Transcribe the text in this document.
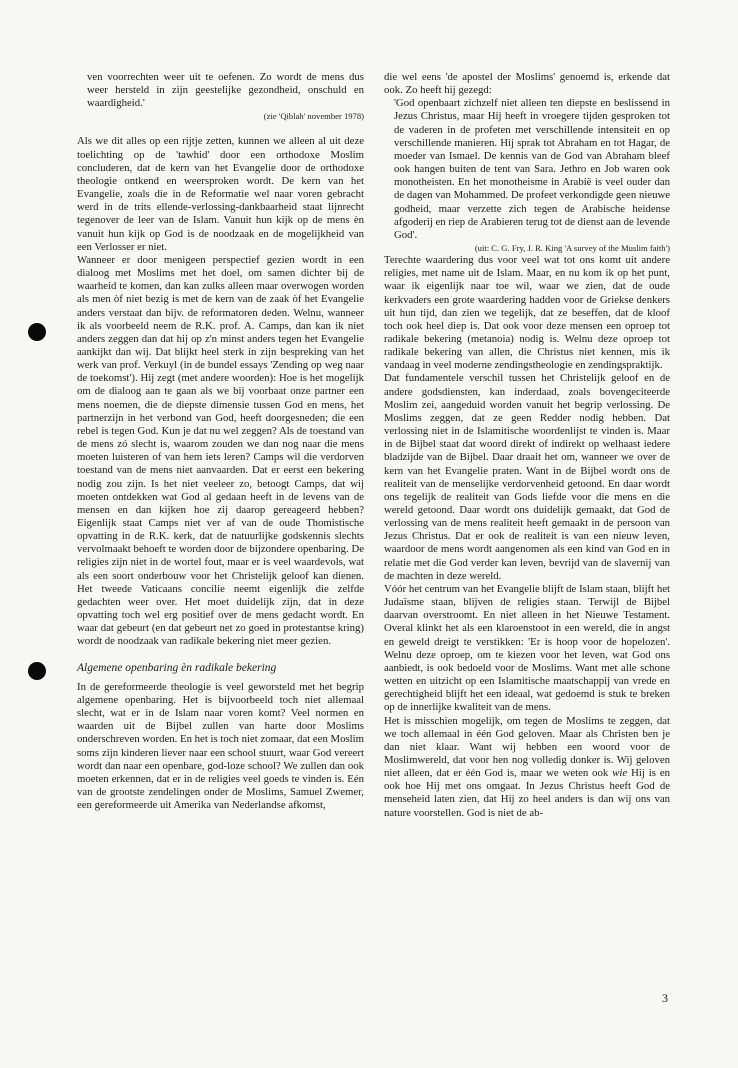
ven voorrechten weer uit te oefenen. Zo wordt de mens dus weer hersteld in zijn geestelijke gezondheid, onschuld en waardigheid.'

(zie 'Qiblah' november 1978)

Als we dit alles op een rijtje zetten, kunnen we alleen al uit deze toelichting op de 'tawhid' door een orthodoxe Moslim concluderen, dat de kern van het Evangelie door de orthodoxe theologie ontkend en weersproken wordt. De kern van het Evangelie, zoals die in de Reformatie wel naar voren gebracht werd in de trits ellende-verlossing-dankbaarheid staat lijnrecht tegenover de leer van de Islam. Vanuit hun kijk op de mens èn vanuit hun kijk op God is de noodzaak en de mogelijkheid van een Verlosser er niet.

Wanneer er door menigeen perspectief gezien wordt in een dialoog met Moslims met het doel, om samen dichter bij de waarheid te komen, dan kan zulks alleen maar overwogen worden als men òf niet bezig is met de kern van de zaak òf het Evangelie anders verstaat dan bijv. de reformatoren deden. Welnu, wanneer ik als voorbeeld neem de R.K. prof. A. Camps, dan kan ik niet anders zeggen dan dat hij op z'n minst anders tegen het Evangelie aankijkt dan wij. Dat blijkt heel sterk in zijn bespreking van het werk van prof. Verkuyl (in de bundel essays 'Zending op weg naar de toekomst'). Hij zegt (met andere woorden): Hoe is het mogelijk om de dialoog aan te gaan als we bij voorbaat onze partner een mens noemen, die de diepste dimensie tussen God en mens, het partnerzijn in het verbond van God, heeft doorgesneden; die een rebel is tegen God. Kun je dat nu wel zeggen? Als de toestand van de mens zó slecht is, waarom zouden we dan nog naar die mens moeten luisteren of van hem iets leren? Camps wil die verdorven toestand van de mens niet aanvaarden. Dat er eerst een bekering nodig zou zijn. Is het niet veeleer zo, betoogt Camps, dat wij moeten ontdekken wat God al gedaan heeft in de levens van de mensen en dan kijken hoe zij daarop gereageerd hebben? Eigenlijk staat Camps niet ver af van de oude Thomistische opvatting in de R.K. kerk, dat de natuurlijke godskennis slechts vervolmaakt behoeft te worden door de bijzondere openbaring. De religies zijn niet in de wortel fout, maar er is veel waardevols, wat als een soort onderbouw voor het Christelijk geloof kan dienen. Het tweede Vaticaans concilie neemt eigenlijk die zelfde gedachten weer over. Het moet duidelijk zijn, dat in deze opvatting toch wel erg positief over de mens gedacht wordt. En waar dat gebeurt (en dat gebeurt net zo goed in protestantse kring) wordt de noodzaak van radikale bekering niet meer gezien.

Algemene openbaring èn radikale bekering

In de gereformeerde theologie is veel geworsteld met het begrip algemene openbaring. Het is bijvoorbeeld toch niet allemaal slecht, wat er in de Islam naar voren komt? Veel normen en waarden uit de Bijbel zullen van harte door Moslims onderschreven worden. En het is toch niet zomaar, dat een Moslim soms zijn kinderen liever naar een school stuurt, waar God vereert wordt dan naar een openbare, god-loze school? We zullen dan ook moeten erkennen, dat er in de religies veel goeds te vinden is. Eén van de grootste zendelingen onder de Moslims, Samuel Zwemer, een gereformeerde uit Amerika van Nederlandse afkomst,

die wel eens 'de apostel der Moslims' genoemd is, erkende dat ook. Zo heeft hij gezegd:

'God openbaart zichzelf niet alleen ten diepste en beslissend in Jezus Christus, maar Hij heeft in vroegere tijden gesproken tot de vaderen in de profeten met verschillende intensiteit en op verschillende manieren. Hij sprak tot Abraham en tot Hagar, de moeder van Ismael. De kennis van de God van Abraham bleef ook hangen buiten de tent van Sara. Jethro en Job waren ook monotheisten. En het monotheisme in Arabië is veel ouder dan de dagen van Mohammed. De profeet verkondigde geen nieuwe godheid, maar verzette zich tegen de Arabische heidense afgoderij en riep de Arabieren terug tot de dienst aan de levende God'.

(uit: C. G. Fry, J. R. King 'A survey of the Muslim faith')

Terechte waardering dus voor veel wat tot ons komt uit andere religies, met name uit de Islam. Maar, en nu kom ik op het punt, waar ik eigenlijk naar toe wil, waar we zien, dat de oude kerkvaders een grote waardering hadden voor de Griekse denkers uit hun tijd, dan zien we tegelijk, dat ze beseffen, dat de kloof toch ook heel diep is. Dat ook voor deze mensen een oproep tot radikale bekering (metanoia) nodig is. Welnu deze oproep tot radikale bekering van allen, die Christus niet kennen, mis ik vandaag in veel moderne zendingstheologie en zendingspraktijk.

Dat fundamentele verschil tussen het Christelijk geloof en de andere godsdiensten, kan inderdaad, zoals bovengeciteerde Moslim zei, aangeduid worden vanuit het begrip verlossing. De Moslims zeggen, dat ze geen Redder nodig hebben. Dat verlossing niet in de Islamitische woordenlijst te vinden is. Maar in de Bijbel staat dat woord direkt of indirekt op welhaast iedere bladzijde van de Bijbel. Daar draait het om, wanneer we over de kern van het Evangelie praten. Want in de Bijbel wordt ons de realiteit van de menselijke verdorvenheid getoond. En daar wordt ons tegelijk de realiteit van Gods liefde voor die mens en die wereld getoond. Daar wordt ons duidelijk gemaakt, dat God de verlossing van de mens realiteit heeft gemaakt in de persoon van Jezus Christus. Dat er ook de realiteit is van een nieuw leven, waardoor de mens wordt aangenomen als een kind van God en in relatie met die God verder kan leven, bevrijd van de slavernij van de machten in deze wereld.

Vóór het centrum van het Evangelie blijft de Islam staan, blijft het Judaïsme staan, blijven de religies staan. Terwijl de Bijbel daarvan overstroomt. En niet alleen in het Nieuwe Testament. Overal klinkt het als een klaroenstoot in een wereld, die in angst en geweld dreigt te verstikken: 'Er is hoop voor de hopelozen'. Welnu deze oproep, om te kiezen voor het leven, wat God ons aanbiedt, is ook bedoeld voor de Moslims. Want met alle schone wetten en uitzicht op een Islamitische maatschappij van vrede en gerechtigheid blijft het een ideaal, wat gedoemd is stuk te breken op de innerlijke kwaliteit van de mens.

Het is misschien mogelijk, om tegen de Moslims te zeggen, dat we toch allemaal in één God geloven. Maar als Christen ben je dan niet klaar. Want wij hebben een woord voor de Moslimwereld, dat voor hen nog volledig donker is. Wij geloven niet alleen, dat er één God is, maar we weten ook wie Hij is en ook hoe Hij met ons omgaat. In Jezus Christus heeft God de menseheid laten zien, dat Hij zo heel anders is dan wij ons van nature voorstellen. God is niet de ab-

3
